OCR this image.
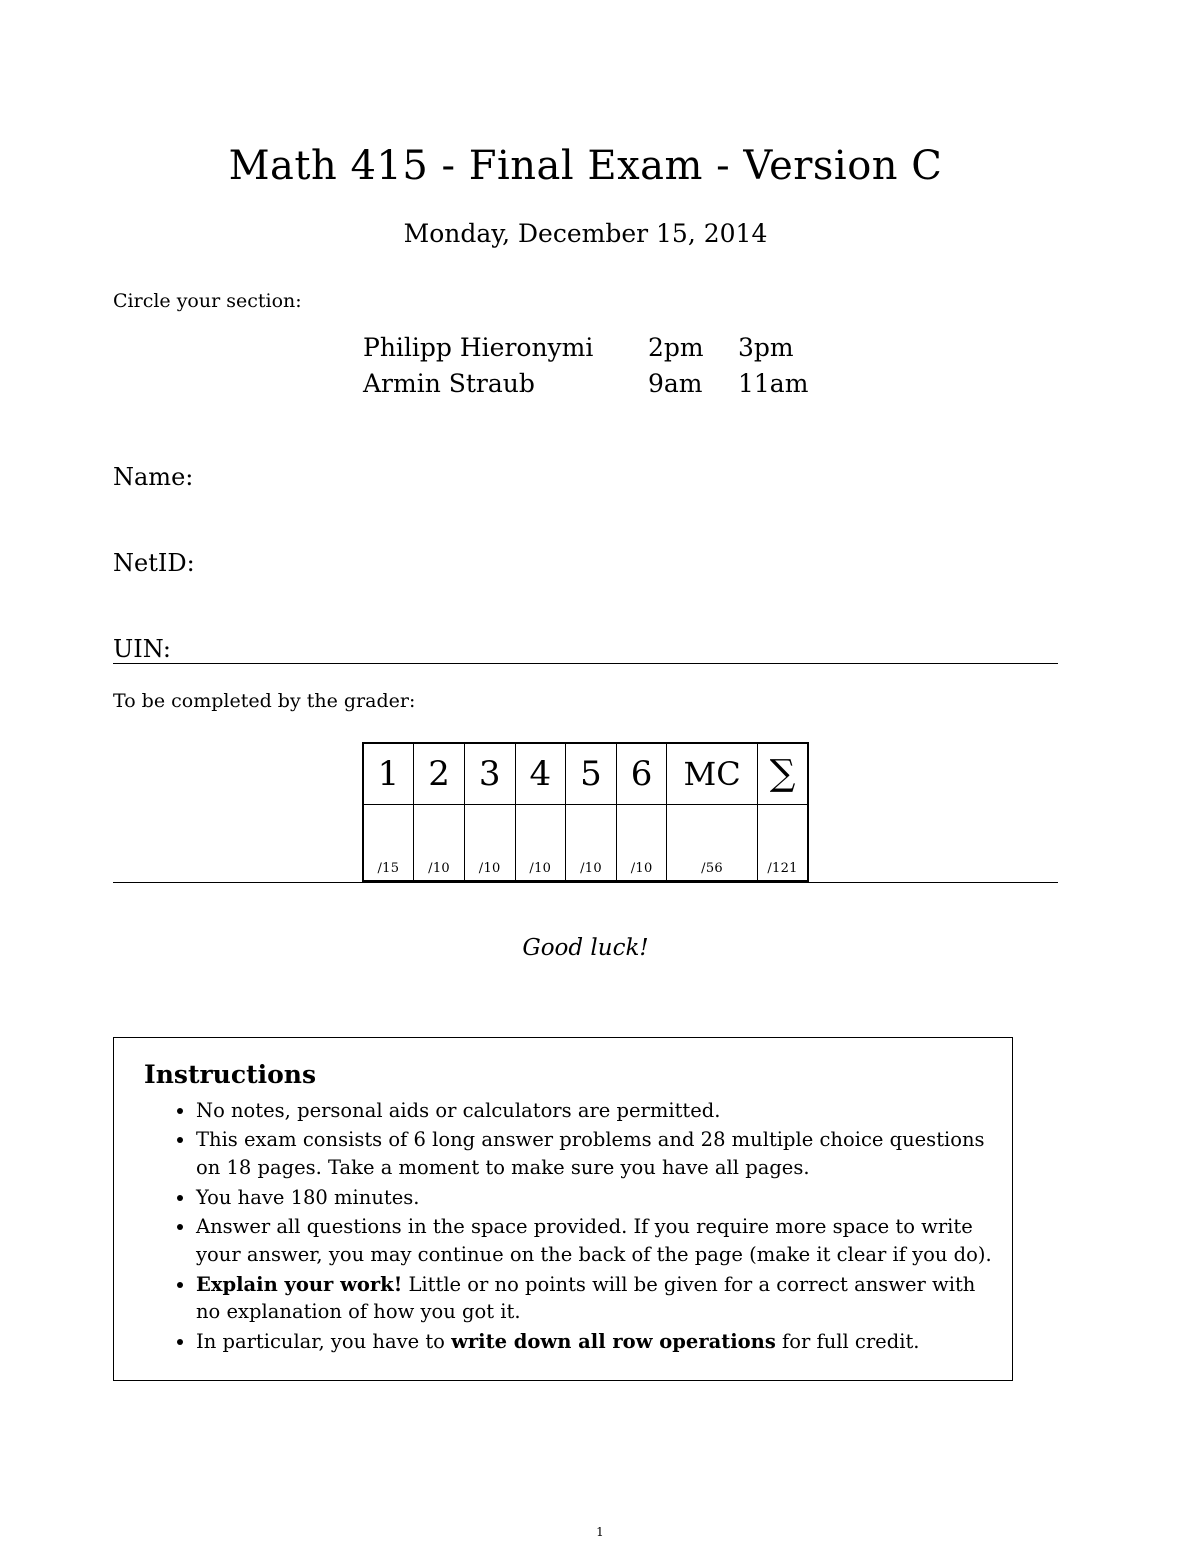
Math 415 - Final Exam - Version C
Monday, December 15, 2014
Circle your section:
Philipp Hieronymi	2pm	3pm
Armin Straub	9am	11am
Name:
NetID:
UIN:
To be completed by the grader:
1	2	3	4	5	6	MC	∑
/15	/10	/10	/10	/10	/10	/56	/121
Good luck!
Instructions
• No notes, personal aids or calculators are permitted.
• This exam consists of 6 long answer problems and 28 multiple choice questions on 18 pages. Take a moment to make sure you have all pages.
• You have 180 minutes.
• Answer all questions in the space provided. If you require more space to write your answer, you may continue on the back of the page (make it clear if you do).
• Explain your work! Little or no points will be given for a correct answer with no explanation of how you got it.
• In particular, you have to write down all row operations for full credit.
1
